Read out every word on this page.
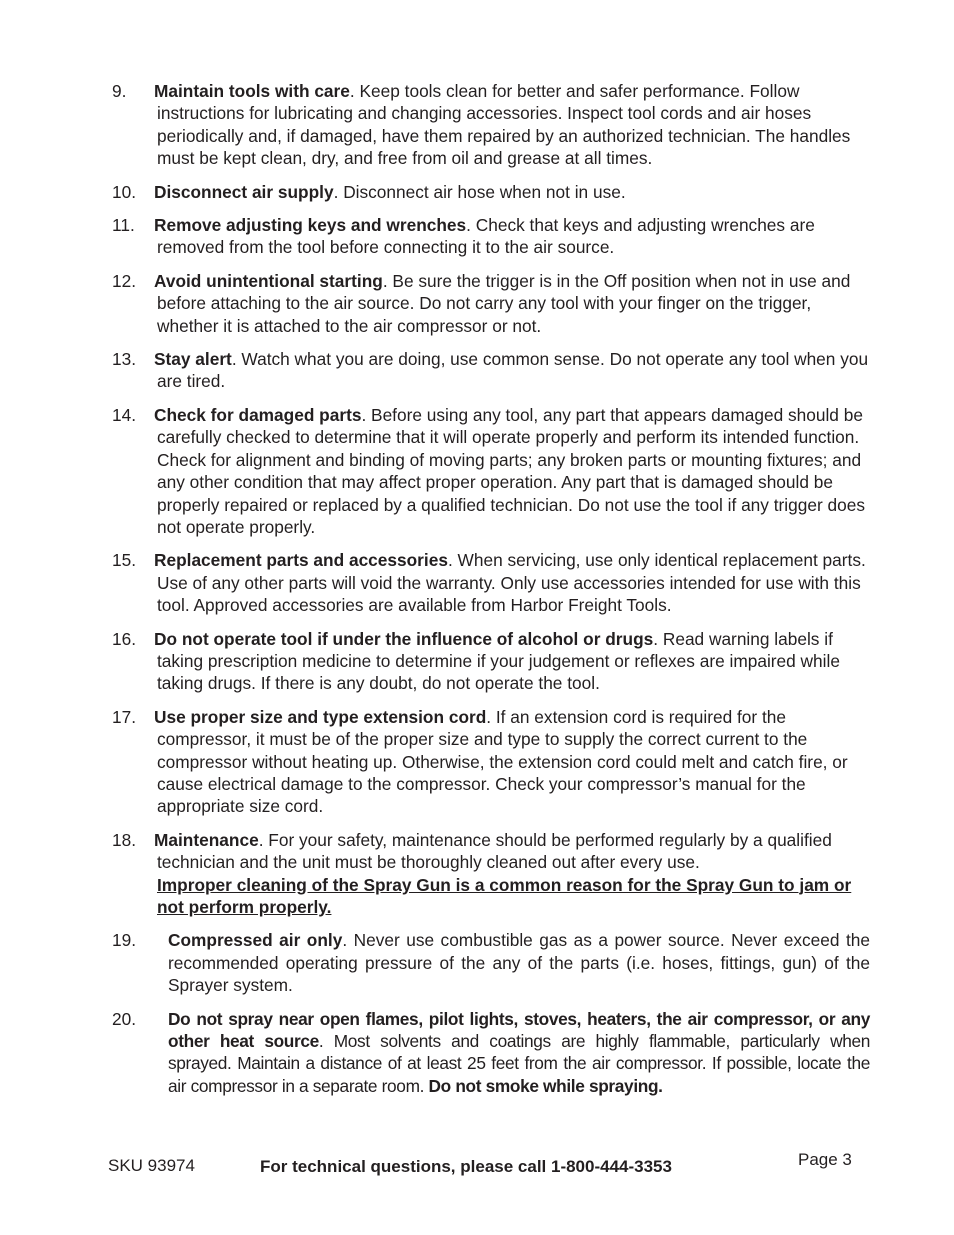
9. Maintain tools with care. Keep tools clean for better and safer performance. Follow instructions for lubricating and changing accessories. Inspect tool cords and air hoses periodically and, if damaged, have them repaired by an authorized technician. The handles must be kept clean, dry, and free from oil and grease at all times.
10. Disconnect air supply. Disconnect air hose when not in use.
11. Remove adjusting keys and wrenches. Check that keys and adjusting wrenches are removed from the tool before connecting it to the air source.
12. Avoid unintentional starting. Be sure the trigger is in the Off position when not in use and before attaching to the air source. Do not carry any tool with your finger on the trigger, whether it is attached to the air compressor or not.
13. Stay alert. Watch what you are doing, use common sense. Do not operate any tool when you are tired.
14. Check for damaged parts. Before using any tool, any part that appears damaged should be carefully checked to determine that it will operate properly and perform its intended function. Check for alignment and binding of moving parts; any broken parts or mounting fixtures; and any other condition that may affect proper operation. Any part that is damaged should be properly repaired or replaced by a qualified technician. Do not use the tool if any trigger does not operate properly.
15. Replacement parts and accessories. When servicing, use only identical replacement parts. Use of any other parts will void the warranty. Only use accessories intended for use with this tool. Approved accessories are available from Harbor Freight Tools.
16. Do not operate tool if under the influence of alcohol or drugs. Read warning labels if taking prescription medicine to determine if your judgement or reflexes are impaired while taking drugs. If there is any doubt, do not operate the tool.
17. Use proper size and type extension cord. If an extension cord is required for the compressor, it must be of the proper size and type to supply the correct current to the compressor without heating up. Otherwise, the extension cord could melt and catch fire, or cause electrical damage to the compressor. Check your compressor’s manual for the appropriate size cord.
18. Maintenance. For your safety, maintenance should be performed regularly by a qualified technician and the unit must be thoroughly cleaned out after every use.
Improper cleaning of the Spray Gun is a common reason for the Spray Gun to jam or not perform properly.
19. Compressed air only. Never use combustible gas as a power source. Never exceed the recommended operating pressure of the any of the parts (i.e. hoses, fittings, gun) of the Sprayer system.
20. Do not spray near open flames, pilot lights, stoves, heaters, the air compressor, or any other heat source. Most solvents and coatings are highly flammable, particularly when sprayed. Maintain a distance of at least 25 feet from the air compressor. If possible, locate the air compressor in a separate room. Do not smoke while spraying.
SKU 93974	For technical questions, please call 1-800-444-3353	Page 3
